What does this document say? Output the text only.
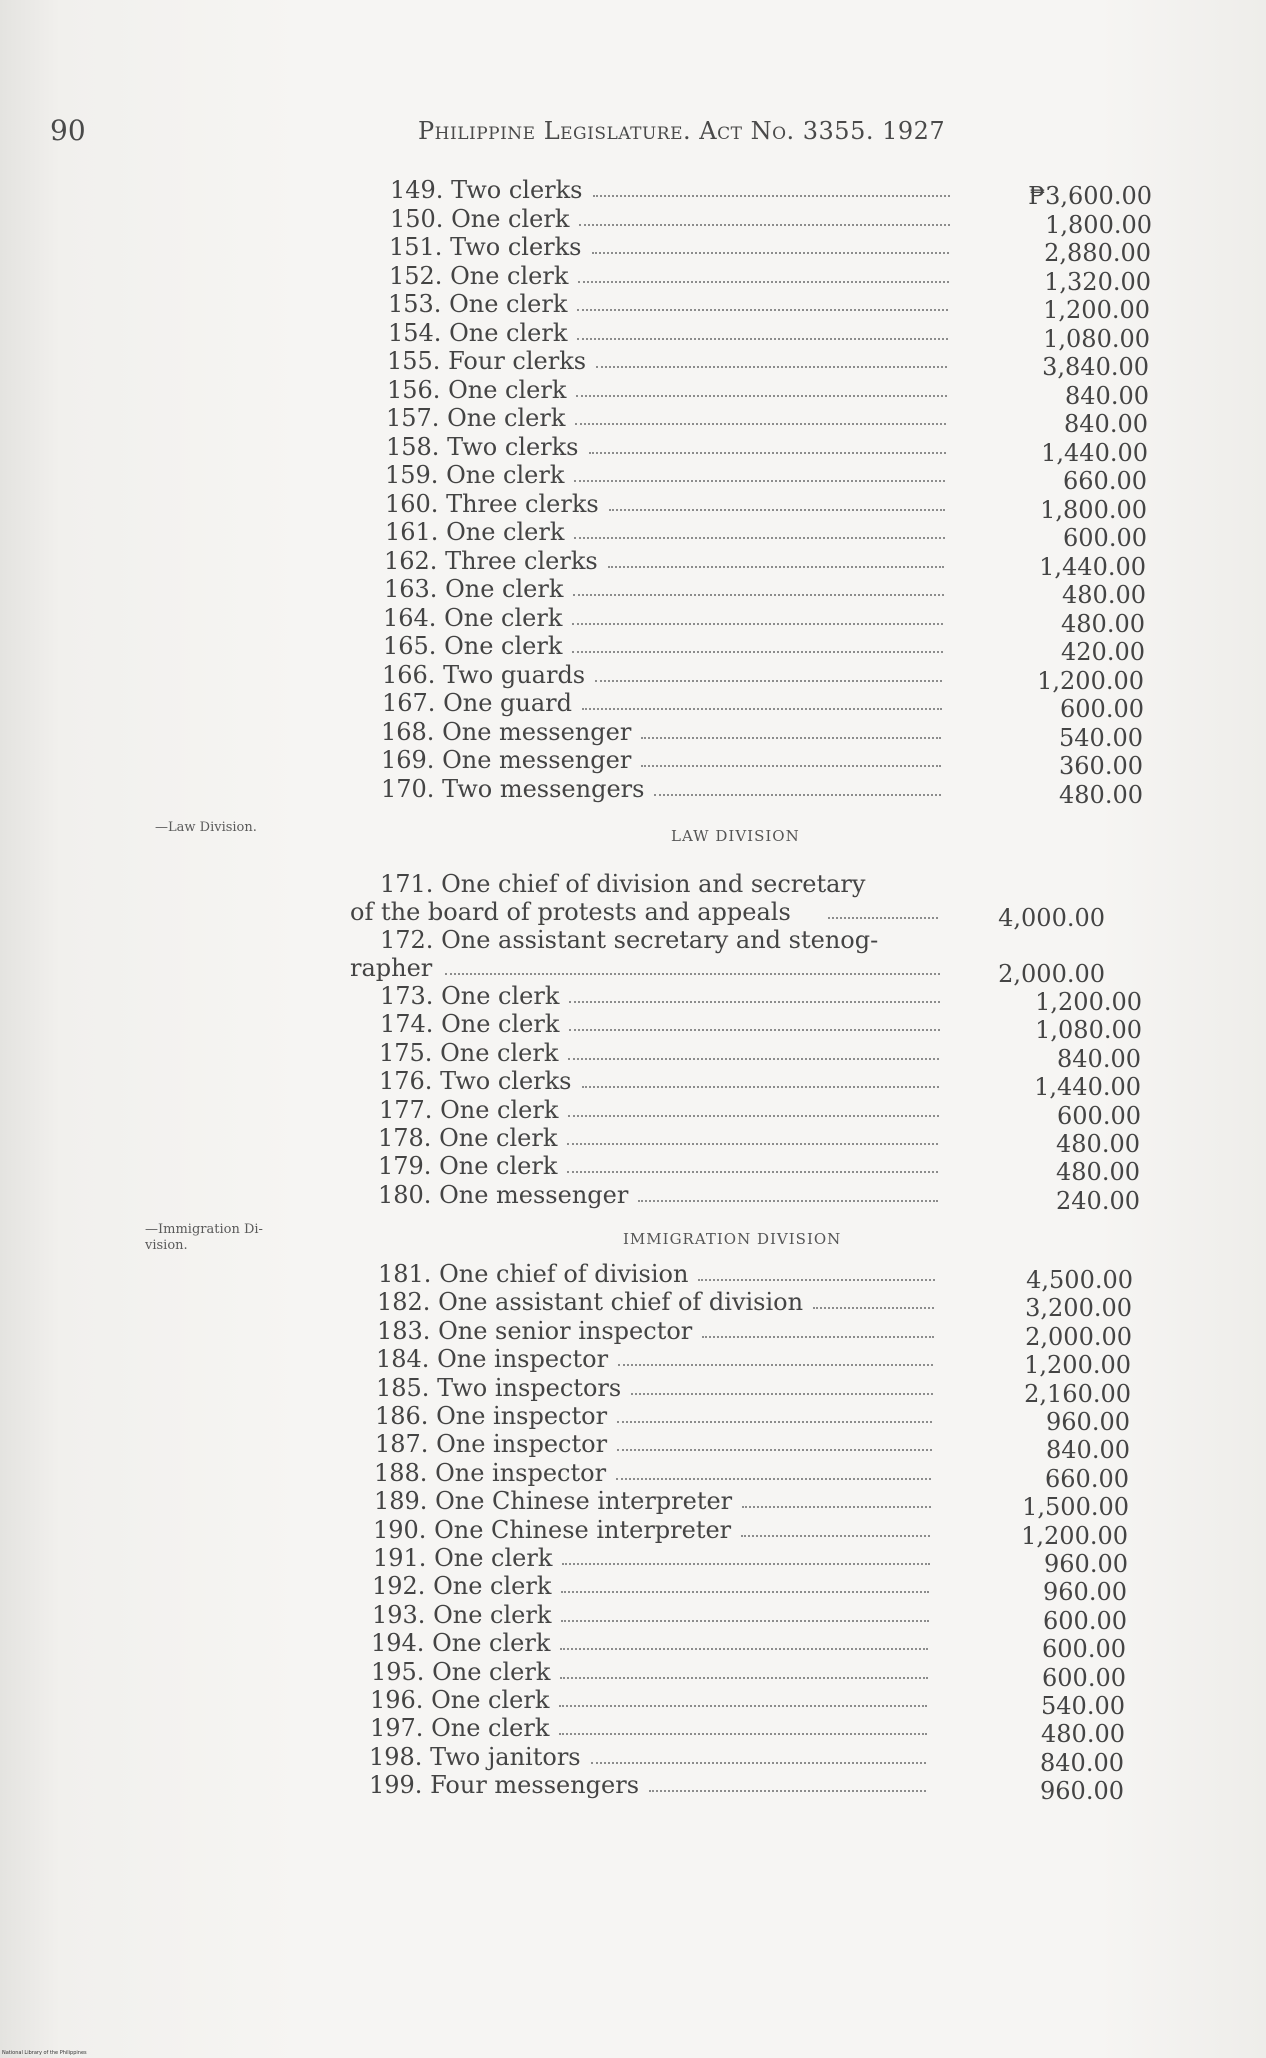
90	Philippine Legislature. Act No. 3355. 1927
149. Two clerks	₱3,600.00
150. One clerk	1,800.00
151. Two clerks	2,880.00
152. One clerk	1,320.00
153. One clerk	1,200.00
154. One clerk	1,080.00
155. Four clerks	3,840.00
156. One clerk	840.00
157. One clerk	840.00
158. Two clerks	1,440.00
159. One clerk	660.00
160. Three clerks	1,800.00
161. One clerk	600.00
162. Three clerks	1,440.00
163. One clerk	480.00
164. One clerk	480.00
165. One clerk	420.00
166. Two guards	1,200.00
167. One guard	600.00
168. One messenger	540.00
169. One messenger	360.00
170. Two messengers	480.00
—Law Division.	LAW DIVISION
171. One chief of division and secretary
of the board of protests and appeals	4,000.00
172. One assistant secretary and stenog-
rapher	2,000.00
173. One clerk	1,200.00
174. One clerk	1,080.00
175. One clerk	840.00
176. Two clerks	1,440.00
177. One clerk	600.00
178. One clerk	480.00
179. One clerk	480.00
180. One messenger	240.00
—Immigration Di-
vision.	IMMIGRATION DIVISION
181. One chief of division	4,500.00
182. One assistant chief of division	3,200.00
183. One senior inspector	2,000.00
184. One inspector	1,200.00
185. Two inspectors	2,160.00
186. One inspector	960.00
187. One inspector	840.00
188. One inspector	660.00
189. One Chinese interpreter	1,500.00
190. One Chinese interpreter	1,200.00
191. One clerk	960.00
192. One clerk	960.00
193. One clerk	600.00
194. One clerk	600.00
195. One clerk	600.00
196. One clerk	540.00
197. One clerk	480.00
198. Two janitors	840.00
199. Four messengers	960.00
National Library of the Philippines
